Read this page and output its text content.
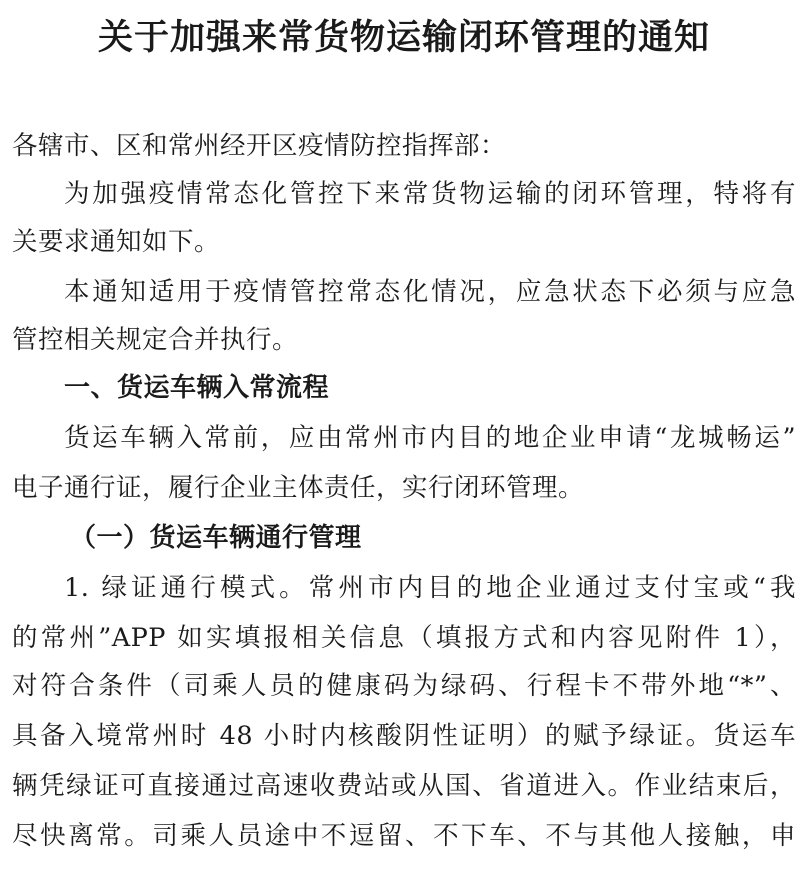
关于加强来常货物运输闭环管理的通知
各辖市、区和常州经开区疫情防控指挥部：
为加强疫情常态化管控下来常货物运输的闭环管理，特将有
关要求通知如下。
本通知适用于疫情管控常态化情况，应急状态下必须与应急
管控相关规定合并执行。
一、货运车辆入常流程
货运车辆入常前，应由常州市内目的地企业申请“龙城畅运”
电子通行证，履行企业主体责任，实行闭环管理。
（一）货运车辆通行管理
1. 绿证通行模式。常州市内目的地企业通过支付宝或“我
的常州”APP 如实填报相关信息（填报方式和内容见附件 1），
对符合条件（司乘人员的健康码为绿码、行程卡不带外地“*”、
具备入境常州时 48 小时内核酸阴性证明）的赋予绿证。货运车
辆凭绿证可直接通过高速收费站或从国、省道进入。作业结束后，
尽快离常。司乘人员途中不逗留、不下车、不与其他人接触，申
